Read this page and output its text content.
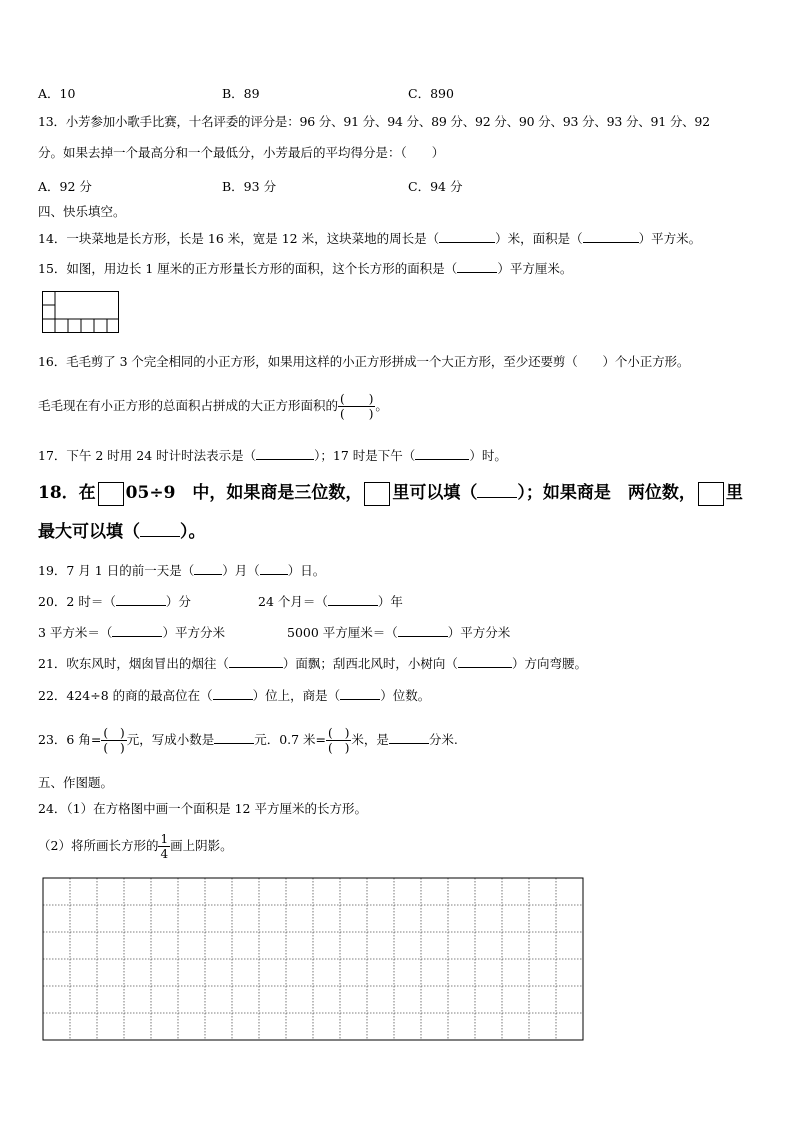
A．10	B．89	C．890
13．小芳参加小歌手比赛，十名评委的评分是：96 分、91 分、94 分、89 分、92 分、90 分、93 分、93 分、91 分、92
分。如果去掉一个最高分和一个最低分，小芳最后的平均得分是：（　　）
A．92 分	B．93 分	C．94 分
四、快乐填空。
14．一块菜地是长方形，长是 16 米，宽是 12 米，这块菜地的周长是（	）米，面积是（	）平方米。
15．如图，用边长 1 厘米的正方形量长方形的面积，这个长方形的面积是（	）平方厘米。
16．毛毛剪了 3 个完全相同的小正方形，如果用这样的小正方形拼成一个大正方形，至少还要剪（　　）个小正方形。
毛毛现在有小正方形的总面积占拼成的大正方形面积的 $\frac{( )}{( )}$ 。
17．下午 2 时用 24 时计时法表示是（	）；17 时是下午（	）时。
18．在 05÷9　中，如果商是三位数， 里可以填（ ）；如果商是　两位数， 里
最大可以填（ ）。
19．7 月 1 日的前一天是（ ）月（ ）日。
20．2 时＝（	）分	24 个月＝（	）年
3 平方米＝（	）平方分米	5000 平方厘米＝（	）平方分米
21．吹东风时，烟囱冒出的烟往（	）面飘；刮西北风时，小树向（	）方向弯腰。
22．424÷8 的商的最高位在（	）位上，商是（	）位数。
23．6 角= $\frac{( )}{( )}$ 元，写成小数是	元．0.7 米= $\frac{( )}{( )}$ 米，是	分米.
五、作图题。
24．（1）在方格图中画一个面积是 12 平方厘米的长方形。
（2）将所画长方形的 $\frac{1}{4}$ 画上阴影。
